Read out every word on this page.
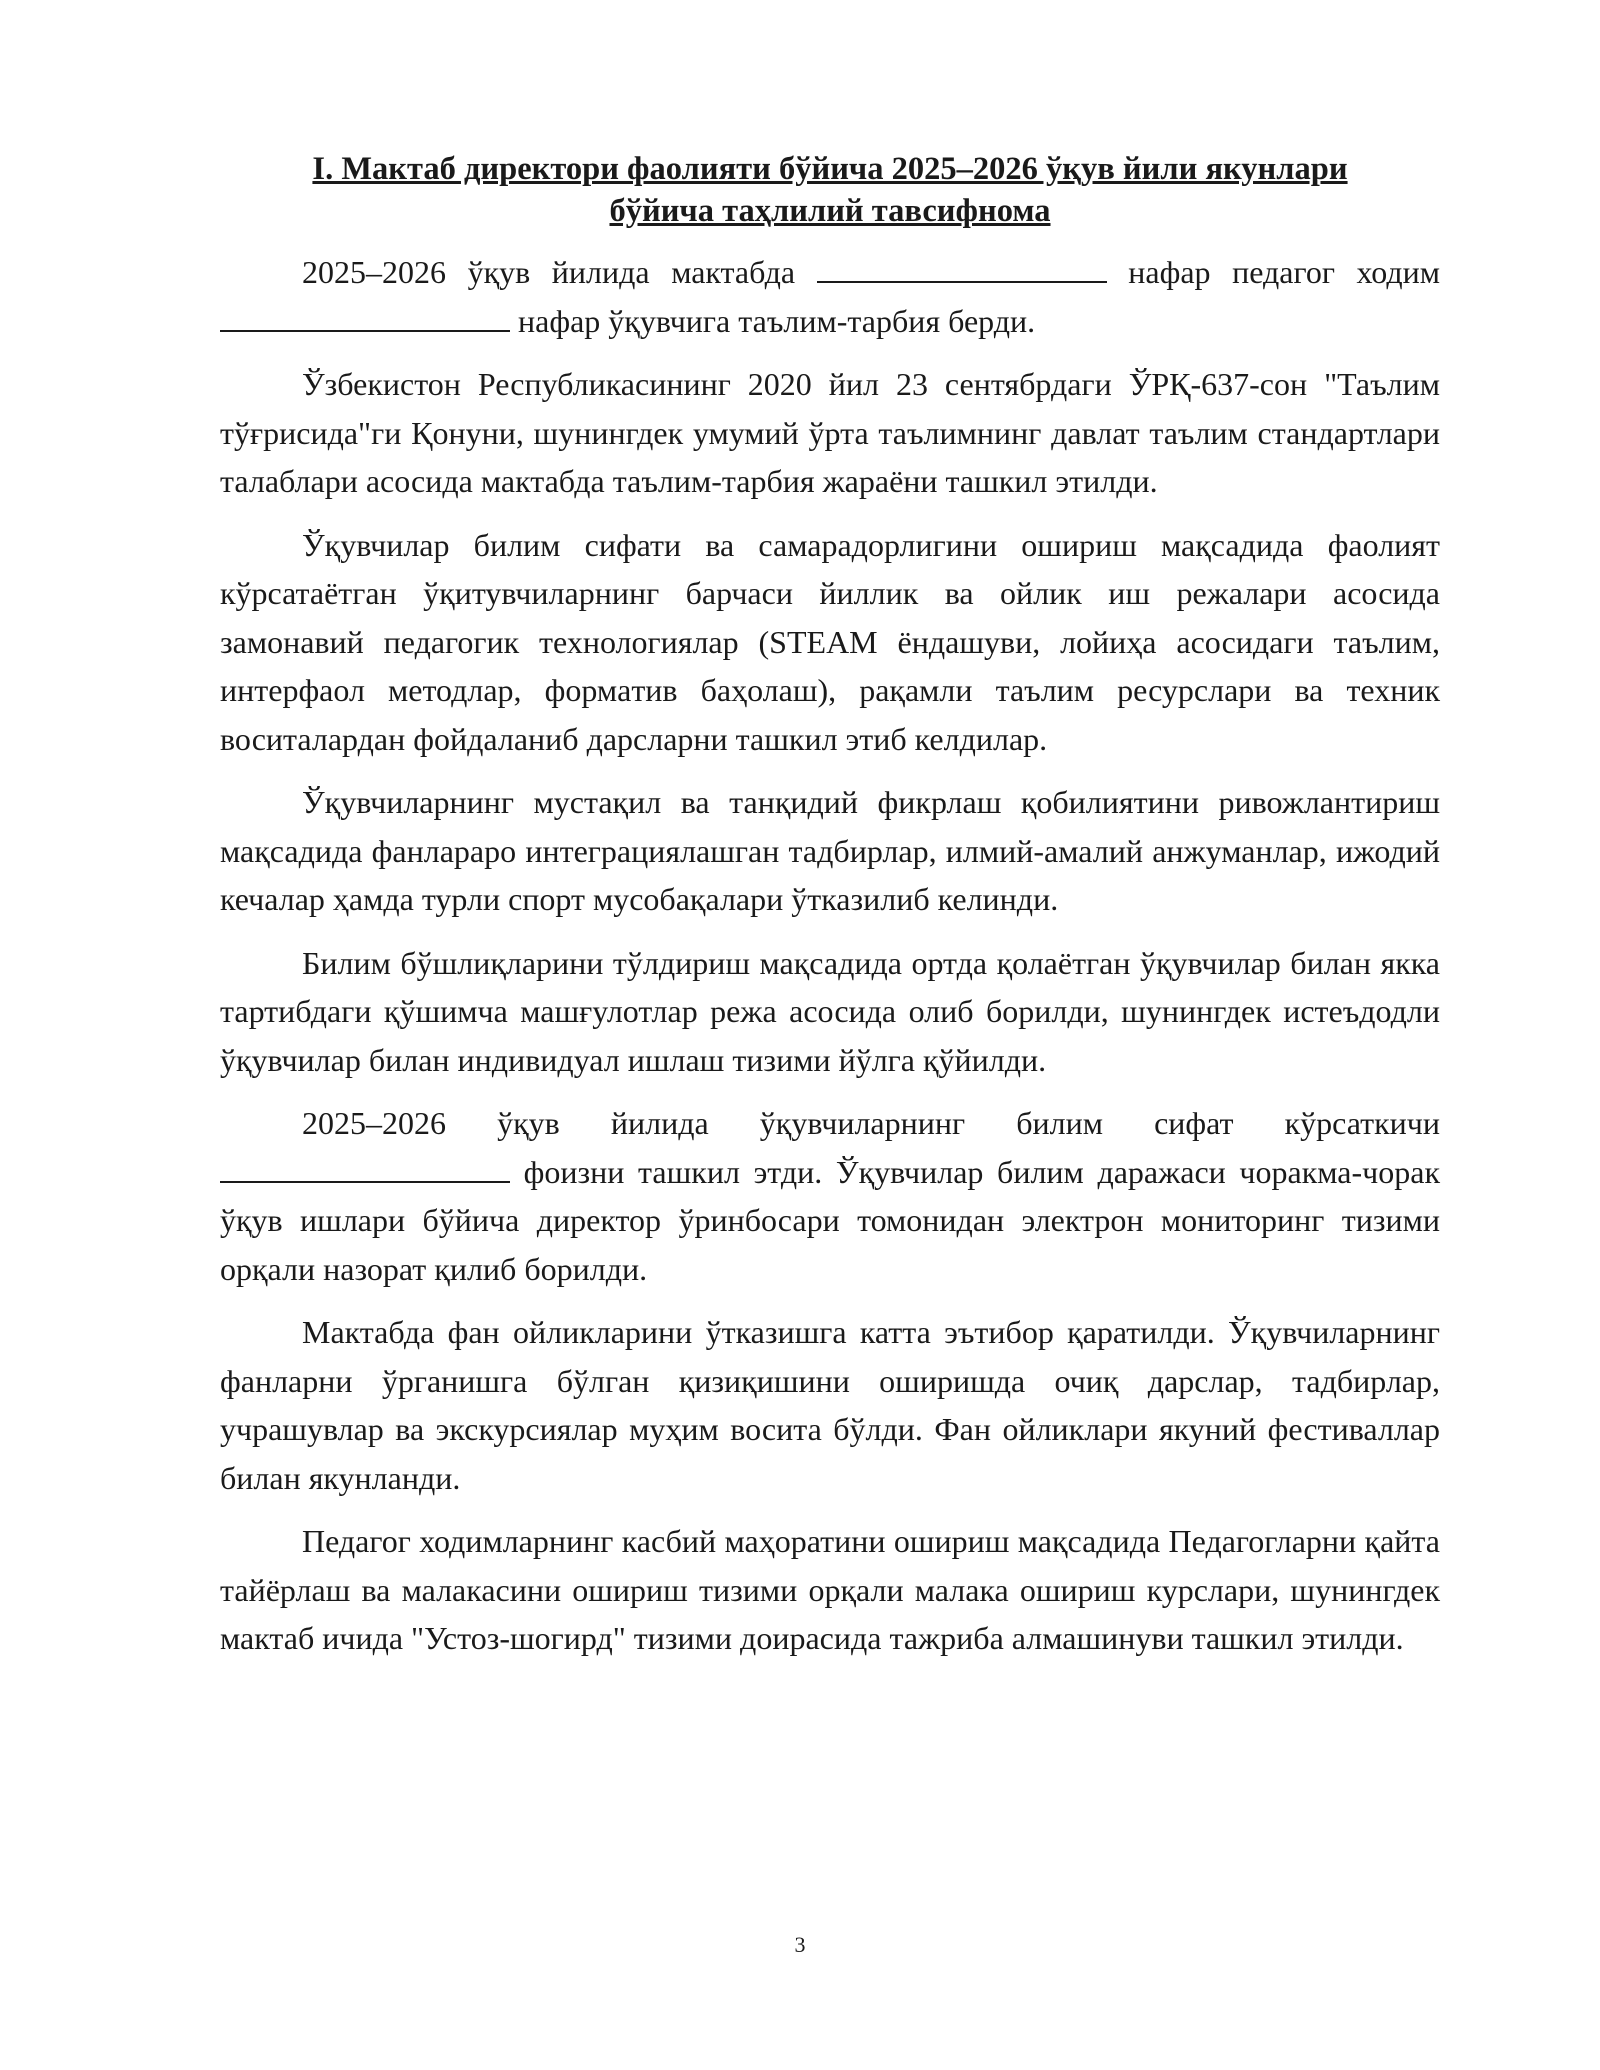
I. Мактаб директори фаолияти бўйича 2025–2026 ўқув йили якунлари
бўйича таҳлилий тавсифнома

2025–2026 ўқув йилида мактабда	нафар педагог ходим  нафар ўқувчига таълим-тарбия берди.

Ўзбекистон Республикасининг 2020 йил 23 сентябрдаги ЎРҚ-637-сон "Таълим тўғрисида"ги Қонуни, шунингдек умумий ўрта таълимнинг давлат таълим стандартлари талаблари асосида мактабда таълим-тарбия жараёни ташкил этилди.

Ўқувчилар билим сифати ва самарадорлигини ошириш мақсадида фаолият кўрсатаётган ўқитувчиларнинг барчаси йиллик ва ойлик иш режалари асосида замонавий педагогик технологиялар (STEAM ёндашуви, лойиҳа асосидаги таълим, интерфаол методлар, формaтив баҳолаш), рақамли таълим ресурслари ва техник воситалардан фойдаланиб дарсларни ташкил этиб келдилар.

Ўқувчиларнинг мустақил ва танқидий фикрлаш қобилиятини ривожлантириш мақсадида фанлараро интеграциялашган тадбирлар, илмий-амалий анжуманлар, ижодий кечалар ҳамда турли спорт мусобақалари ўтказилиб келинди.

Билим бўшлиқларини тўлдириш мақсадида ортда қолаётган ўқувчилар билан якка тартибдаги қўшимча машғулотлар режа асосида олиб борилди, шунингдек истеъдодли ўқувчилар билан индивидуал ишлаш тизими йўлга қўйилди.

2025–2026 ўқув йилида ўқувчиларнинг билим сифат кўрсаткичи  фоизни ташкил этди. Ўқувчилар билим даражаси чоракма-чорак ўқув ишлари бўйича директор ўринбосари томонидан электрон мониторинг тизими орқали назорат қилиб борилди.

Мактабда фан ойликларини ўтказишга катта эътибор қаратилди. Ўқувчиларнинг фанларни ўрганишга бўлган қизиқишини оширишда очиқ дарслар, тадбирлар, учрашувлар ва экскурсиялар муҳим восита бўлди. Фан ойликлари якуний фестиваллар билан якунланди.

Педагог ходимларнинг касбий маҳоратини ошириш мақсадида Педагогларни қайта тайёрлаш ва малакасини ошириш тизими орқали малака ошириш курслари, шунингдек мактаб ичида "Устоз-шогирд" тизими доирасида тажриба алмашинуви ташкил этилди.

3
